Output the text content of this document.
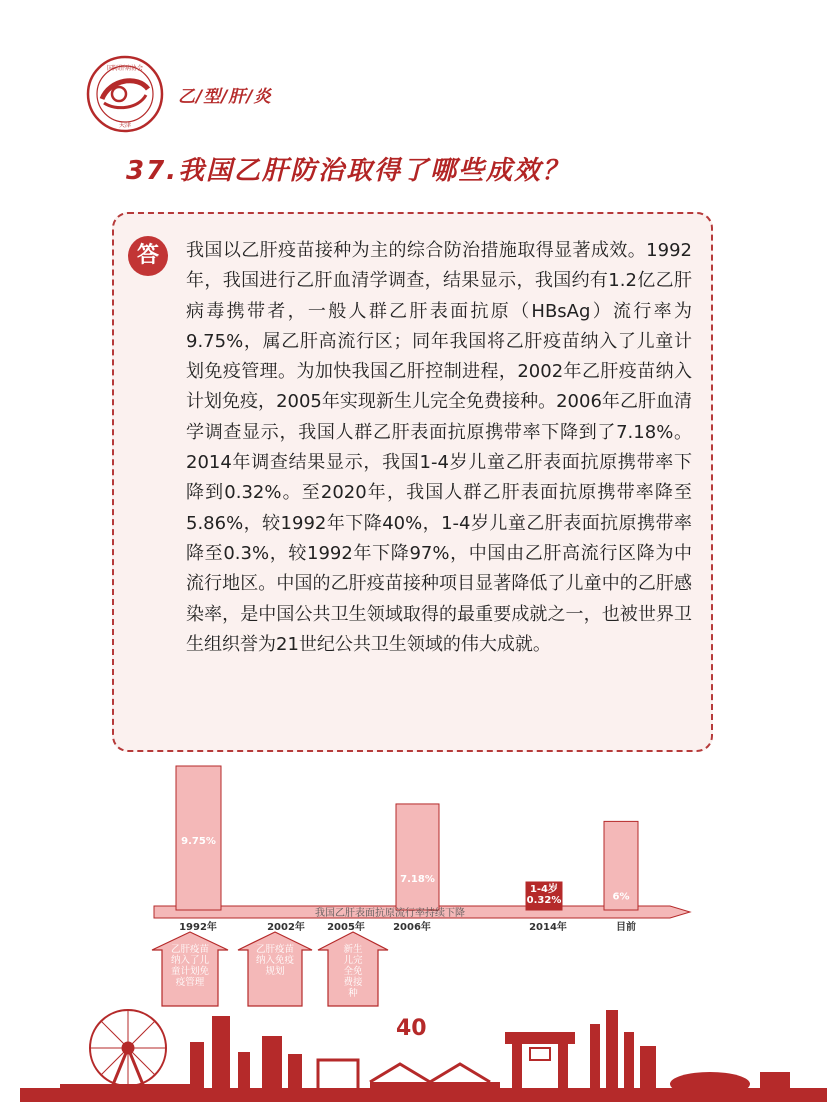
国际肝病协会
天津
乙/型/肝/炎
37.我国乙肝防治取得了哪些成效？
答	我国以乙肝疫苗接种为主的综合防治措施取得显著成效。1992年，我国进行乙肝血清学调查，结果显示，我国约有1.2亿乙肝病毒携带者，一般人群乙肝表面抗原（HBsAg）流行率为9.75%，属乙肝高流行区；同年我国将乙肝疫苗纳入了儿童计划免疫管理。为加快我国乙肝控制进程，2002年乙肝疫苗纳入计划免疫，2005年实现新生儿完全免费接种。2006年乙肝血清学调查显示，我国人群乙肝表面抗原携带率下降到了7.18%。2014年调查结果显示，我国1-4岁儿童乙肝表面抗原携带率下降到0.32%。至2020年，我国人群乙肝表面抗原携带率降至5.86%，较1992年下降40%，1-4岁儿童乙肝表面抗原携带率降至0.3%，较1992年下降97%，中国由乙肝高流行区降为中流行地区。中国的乙肝疫苗接种项目显著降低了儿童中的乙肝感染率，是中国公共卫生领域取得的最重要成就之一，也被世界卫生组织誉为21世纪公共卫生领域的伟大成就。

9.75%
7.18%
1-4岁
0.32%	6%
我国乙肝表面抗原流行率持续下降
1992年	2002年 2005年	2006年	2014年	目前
乙肝疫苗
纳入了儿
童计划免
疫管理
乙肝疫苗
纳入免疫
规划
新生
儿完
全免
费接
种
40
